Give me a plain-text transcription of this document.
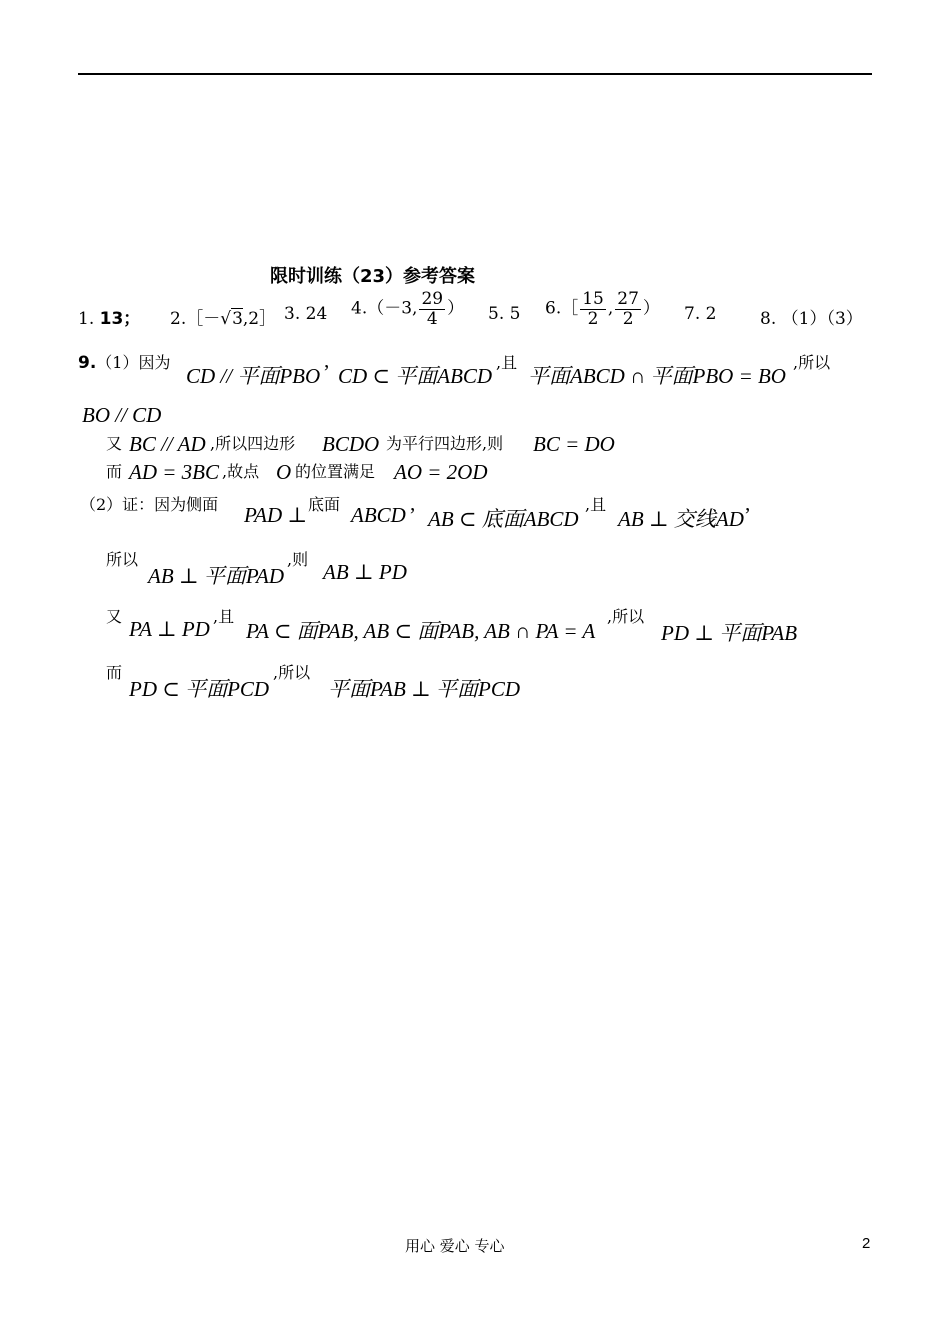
限时训练（23）参考答案
1. 13； 2.［－√3,2］ 3. 24 4.（－3, $\frac{29}{4}$ ） 5. 5 6.［ $\frac{15}{2}$ , $\frac{27}{2}$ ） 7. 2	8. （1）（3）
9.（1）因为
CD // 平面PBO ’ CD ⊂ 平面ABCD
,且
平面ABCD ∩ 平面PBO = BO
,所以
BO // CD
又 BC // AD ,所以四边形 BCDO 为平行四边形,则 BC = DO
而 AD = 3BC ,故点 O 的位置满足 AO = 2OD
（2）证：因为侧面 PAD ⊥ 底面 ABCD ’ AB ⊂ 底面ABCD
,且
AB ⊥ 交线AD ’
所以
AB ⊥ 平面PAD
,则
AB ⊥ PD
又
PA ⊥ PD
,且
PA ⊂ 面PAB, AB ⊂ 面PAB, AB ∩ PA = A
,所以
PD ⊥ 平面PAB
而
PD ⊂ 平面PCD
,所以
平面PAB ⊥ 平面PCD
用心 爱心 专心	2
